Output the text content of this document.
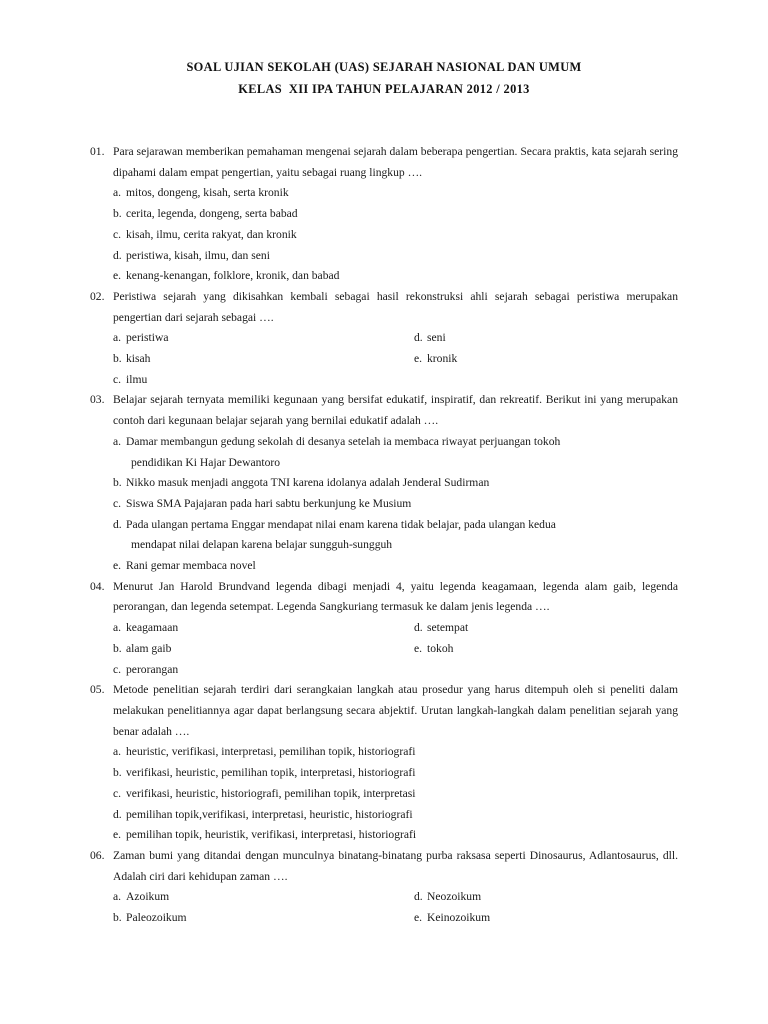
SOAL UJIAN SEKOLAH (UAS) SEJARAH NASIONAL DAN UMUM
KELAS  XII IPA TAHUN PELAJARAN 2012 / 2013
01. Para sejarawan memberikan pemahaman mengenai sejarah dalam beberapa pengertian. Secara praktis, kata sejarah sering dipahami dalam empat pengertian, yaitu sebagai ruang lingkup ….
a. mitos, dongeng, kisah, serta kronik
b. cerita, legenda, dongeng, serta babad
c. kisah, ilmu, cerita rakyat, dan kronik
d. peristiwa, kisah, ilmu, dan seni
e. kenang-kenangan, folklore, kronik, dan babad
02. Peristiwa sejarah yang dikisahkan kembali sebagai hasil rekonstruksi ahli sejarah sebagai peristiwa merupakan pengertian dari sejarah sebagai ….
a. peristiwa
b. kisah
c. ilmu
d. seni
e. kronik
03. Belajar sejarah ternyata memiliki kegunaan yang bersifat edukatif, inspiratif, dan rekreatif. Berikut ini yang merupakan contoh dari kegunaan belajar sejarah yang bernilai edukatif adalah ….
a. Damar membangun gedung sekolah di desanya setelah ia membaca riwayat perjuangan tokoh
pendidikan Ki Hajar Dewantoro
b. Nikko masuk menjadi anggota TNI karena idolanya adalah Jenderal Sudirman
c. Siswa SMA Pajajaran pada hari sabtu berkunjung ke Musium
d. Pada ulangan pertama Enggar mendapat nilai enam karena tidak belajar, pada ulangan kedua
mendapat nilai delapan karena belajar sungguh-sungguh
e. Rani gemar membaca novel
04. Menurut Jan Harold Brundvand legenda dibagi menjadi 4, yaitu legenda keagamaan, legenda alam gaib, legenda perorangan, dan legenda setempat. Legenda Sangkuriang termasuk ke dalam jenis legenda ….
a. keagamaan
b. alam gaib
c. perorangan
d. setempat
e. tokoh
05. Metode penelitian sejarah terdiri dari serangkaian langkah atau prosedur yang harus ditempuh oleh si peneliti dalam melakukan penelitiannya agar dapat berlangsung secara abjektif. Urutan langkah-langkah dalam penelitian sejarah yang benar adalah ….
a. heuristic, verifikasi, interpretasi, pemilihan topik, historiografi
b. verifikasi, heuristic, pemilihan topik, interpretasi, historiografi
c. verifikasi, heuristic, historiografi, pemilihan topik, interpretasi
d. pemilihan topik,verifikasi, interpretasi, heuristic, historiografi
e. pemilihan topik, heuristik, verifikasi, interpretasi, historiografi
06. Zaman bumi yang ditandai dengan munculnya binatang-binatang purba raksasa seperti Dinosaurus, Adlantosaurus, dll. Adalah ciri dari kehidupan zaman ….
a. Azoikum
b. Paleozoikum
d. Neozoikum
e. Keinozoikum
